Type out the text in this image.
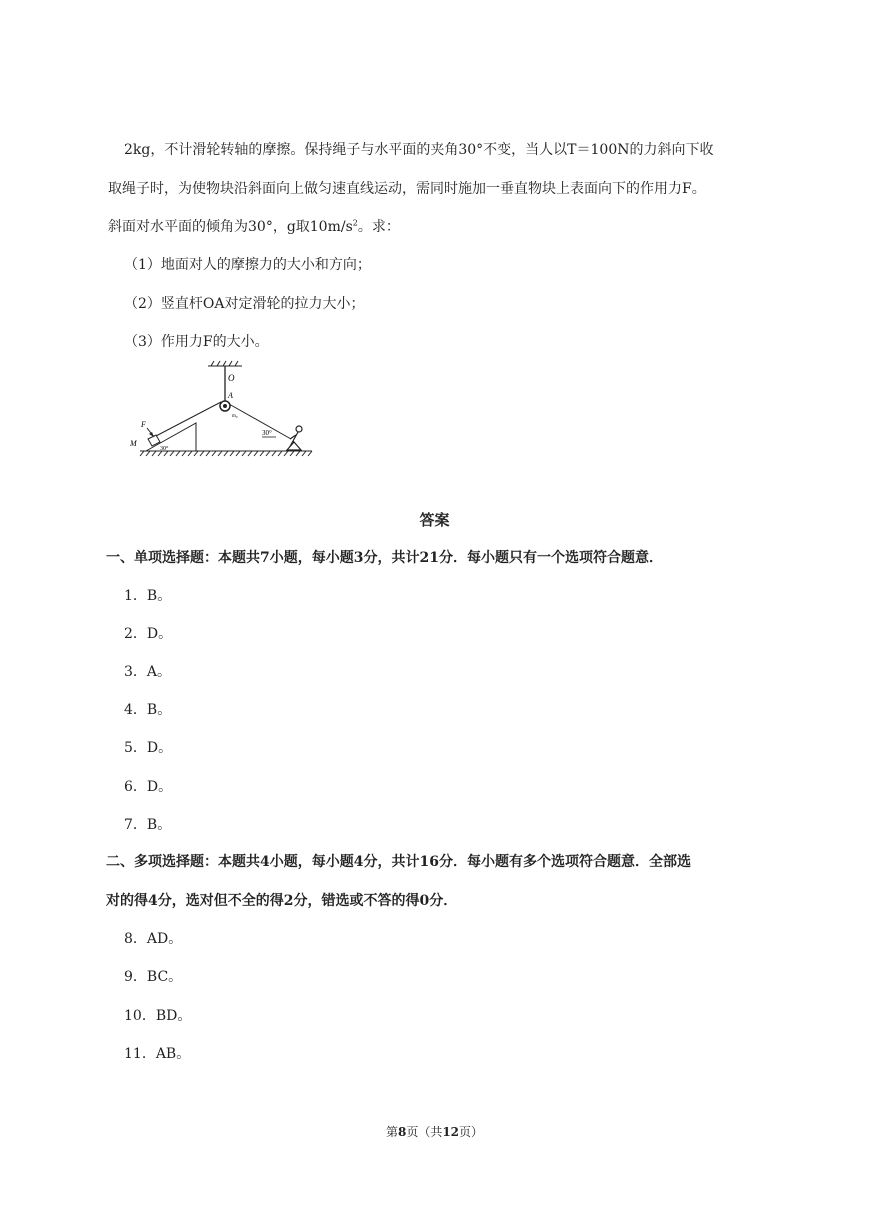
2kg，不计滑轮转轴的摩擦。保持绳子与水平面的夹角30°不变，当人以T＝100N的力斜向下收
取绳子时，为使物块沿斜面向上做匀速直线运动，需同时施加一垂直物块上表面向下的作用力F。
斜面对水平面的倾角为30°，g取$10m/s^2$。求：
（1）地面对人的摩擦力的大小和方向；
（2）竖直杆OA对定滑轮的拉力大小；
（3）作用力F的大小。
O
A
m₀
M
30°
F
30°
答案
一、单项选择题：本题共7小题，每小题3分，共计21分．每小题只有一个选项符合题意．
1．B。
2．D。
3．A。
4．B。
5．D。
6．D。
7．B。
二、多项选择题：本题共4小题，每小题4分，共计16分．每小题有多个选项符合题意．全部选
对的得4分，选对但不全的得2分，错选或不答的得0分．
8．AD。
9．BC。
10．BD。
11．AB。
第8页（共12页）
